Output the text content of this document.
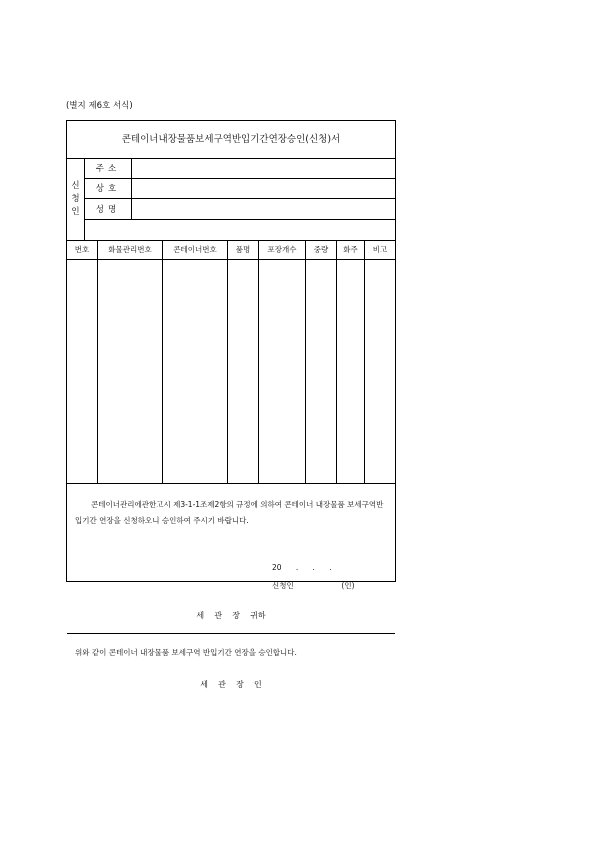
(별지 제6호 서식)
콘테이너내장물품보세구역반입기간연장승인(신청)서
신
청
인
주소
상호
성명
번호	화물관리번호	콘테이너번호	품명	포장개수	중량	화주	비고

콘테이너관리에관한고시 제3-1-1조제2항의 규정에 의하여 콘테이너 내장물품 보세구역반입기간 연장을 신청하오니 승인하여 주시기 바랍니다.

20      .      .      .
신청인                    (인)
세    관    장    귀하

위와 같이 콘테이너 내장물품 보세구역 반입기간 연장을 승인합니다.

세    관    장    인
